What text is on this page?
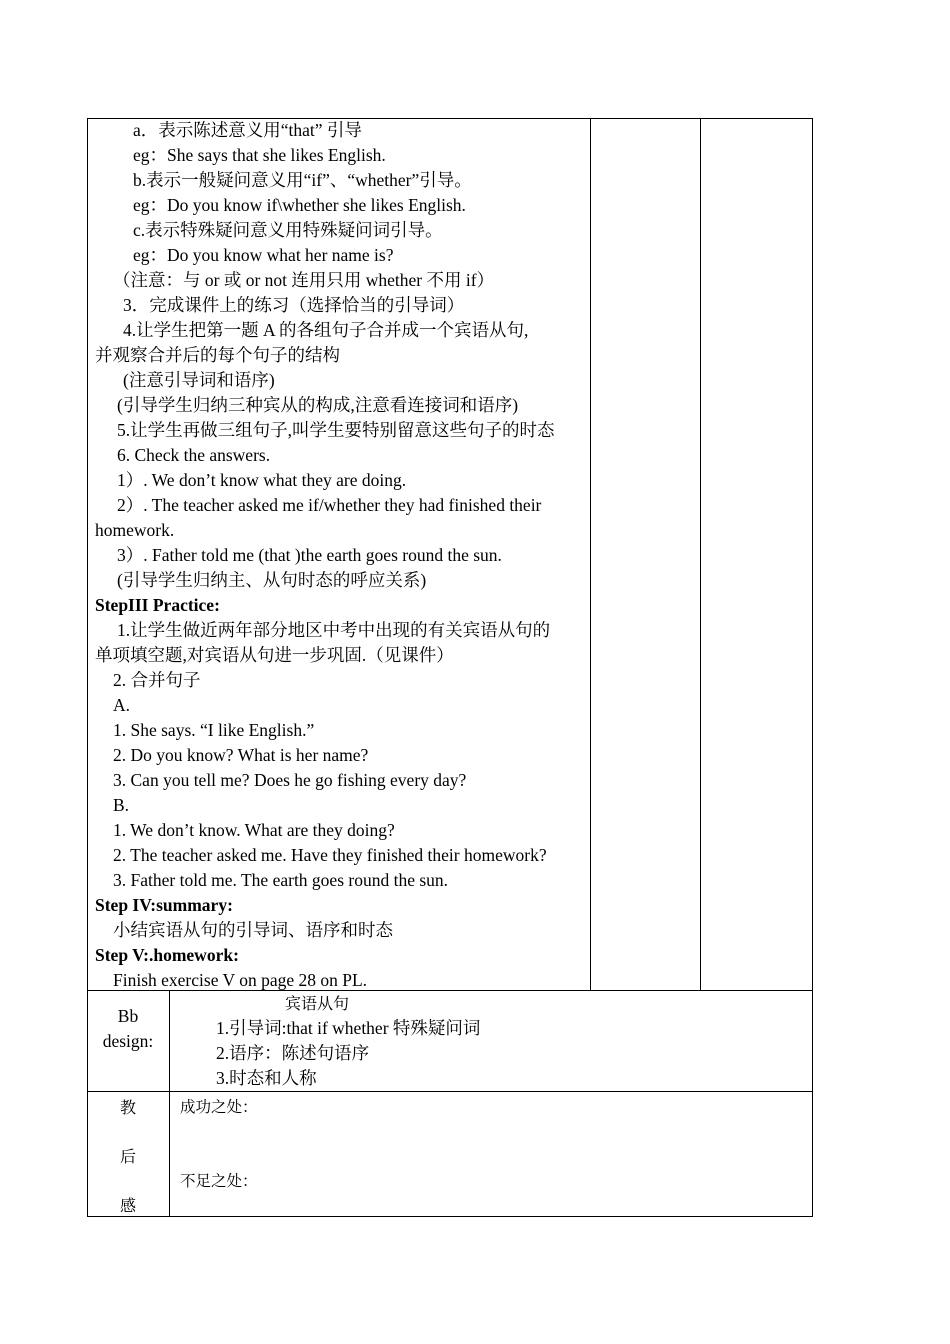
a．表示陈述意义用“that” 引导
eg：She says that she likes English.
b.表示一般疑问意义用“if”、“whether”引导。
eg：Do you know if\whether she likes English.
c.表示特殊疑问意义用特殊疑问词引导。
eg：Do you know what her name is?
（注意：与 or 或 or not 连用只用 whether 不用 if）
3．完成课件上的练习（选择恰当的引导词）
4.让学生把第一题 A 的各组句子合并成一个宾语从句,
并观察合并后的每个句子的结构
(注意引导词和语序)
(引导学生归纳三种宾从的构成,注意看连接词和语序)
5.让学生再做三组句子,叫学生要特别留意这些句子的时态
6. Check the answers.
1）. We don’t know what they are doing.
2）. The teacher asked me if/whether they had finished their
homework.
3）. Father told me (that )the earth goes round the sun.
(引导学生归纳主、从句时态的呼应关系)
StepIII Practice:
1.让学生做近两年部分地区中考中出现的有关宾语从句的
单项填空题,对宾语从句进一步巩固.（见课件）
2. 合并句子
A.
1. She says. “I like English.”
2. Do you know? What is her name?
3. Can you tell me? Does he go fishing every day?
B.
1. We don’t know. What are they doing?
2. The teacher asked me. Have they finished their homework?
3. Father told me. The earth goes round the sun.
Step IV:summary:
小结宾语从句的引导词、语序和时态
Step V:.homework:
Finish exercise V on page 28 on PL.
Bb
design:
宾语从句
1.引导词:that if whether 特殊疑问词
2.语序：陈述句语序
3.时态和人称
教
后
感
成功之处：
不足之处：
